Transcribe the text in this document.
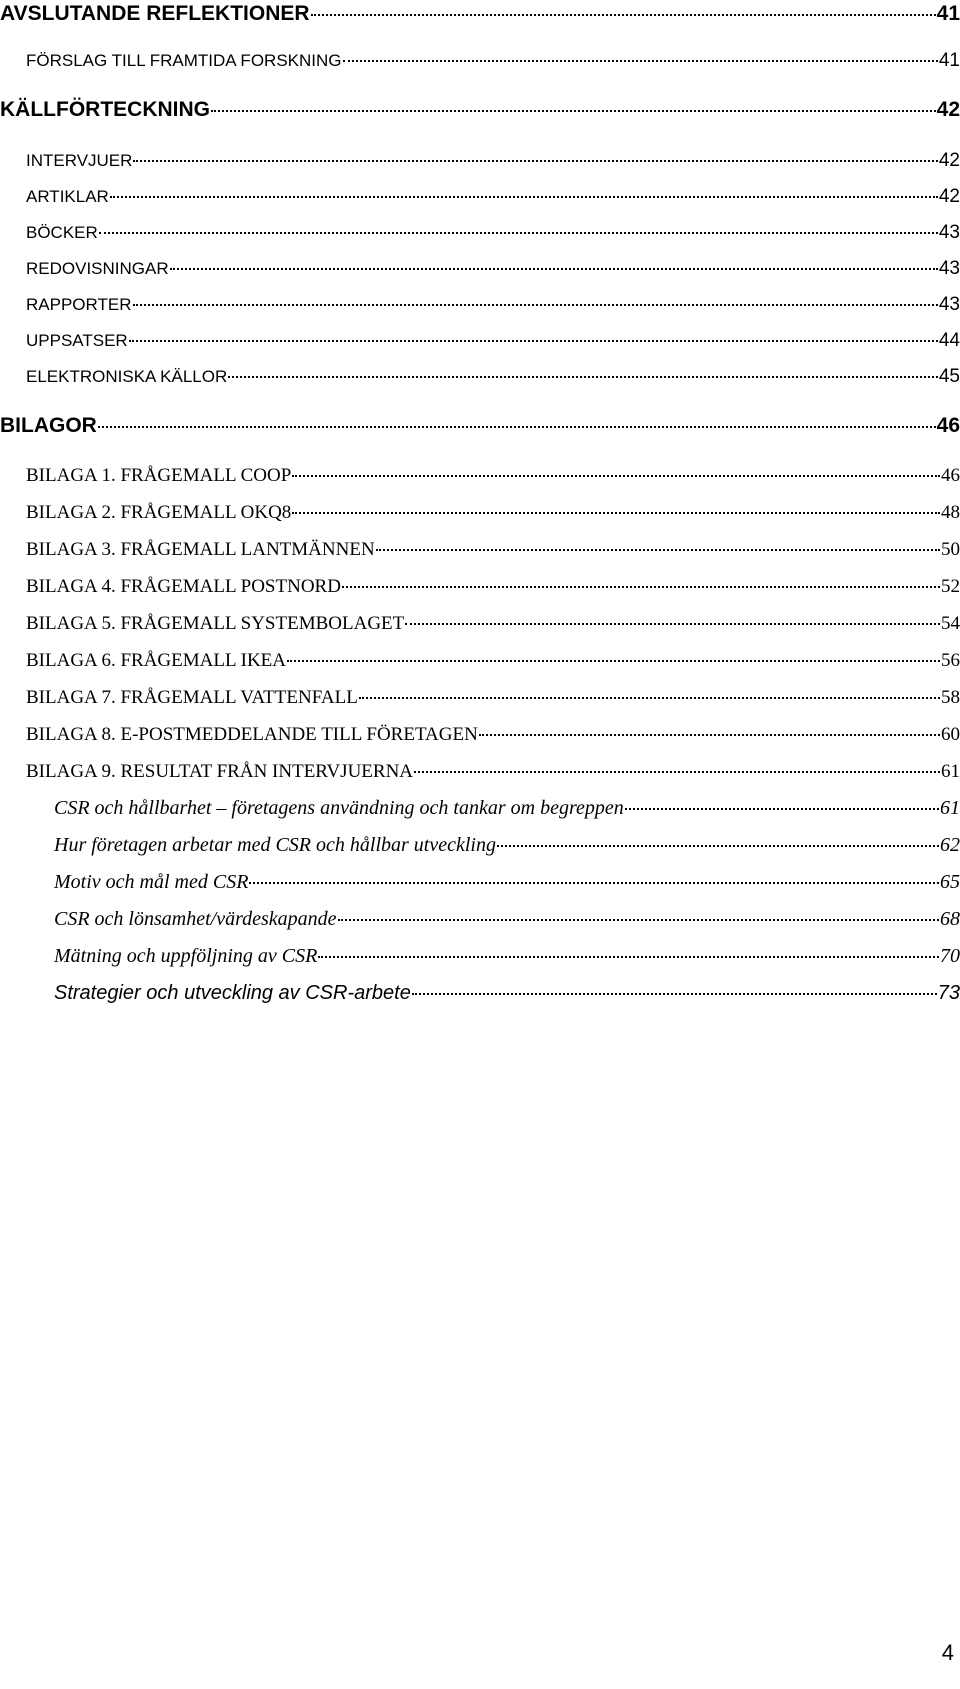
AVSLUTANDE REFLEKTIONER	41
FÖRSLAG TILL FRAMTIDA FORSKNING	41
KÄLLFÖRTECKNING	42
INTERVJUER	42
ARTIKLAR	42
BÖCKER	43
REDOVISNINGAR	43
RAPPORTER	43
UPPSATSER	44
ELEKTRONISKA KÄLLOR	45
BILAGOR	46
BILAGA 1. FRÅGEMALL COOP	46
BILAGA 2. FRÅGEMALL OKQ8	48
BILAGA 3. FRÅGEMALL LANTMÄNNEN	50
BILAGA 4. FRÅGEMALL POSTNORD	52
BILAGA 5. FRÅGEMALL SYSTEMBOLAGET	54
BILAGA 6. FRÅGEMALL IKEA	56
BILAGA 7. FRÅGEMALL VATTENFALL	58
BILAGA 8. E-POSTMEDDELANDE TILL FÖRETAGEN	60
BILAGA 9. RESULTAT FRÅN INTERVJUERNA	61
CSR och hållbarhet – företagens användning och tankar om begreppen	61
Hur företagen arbetar med CSR och hållbar utveckling	62
Motiv och mål med CSR	65
CSR och lönsamhet/värdeskapande	68
Mätning och uppföljning av CSR	70
Strategier och utveckling av CSR-arbete	73
4
